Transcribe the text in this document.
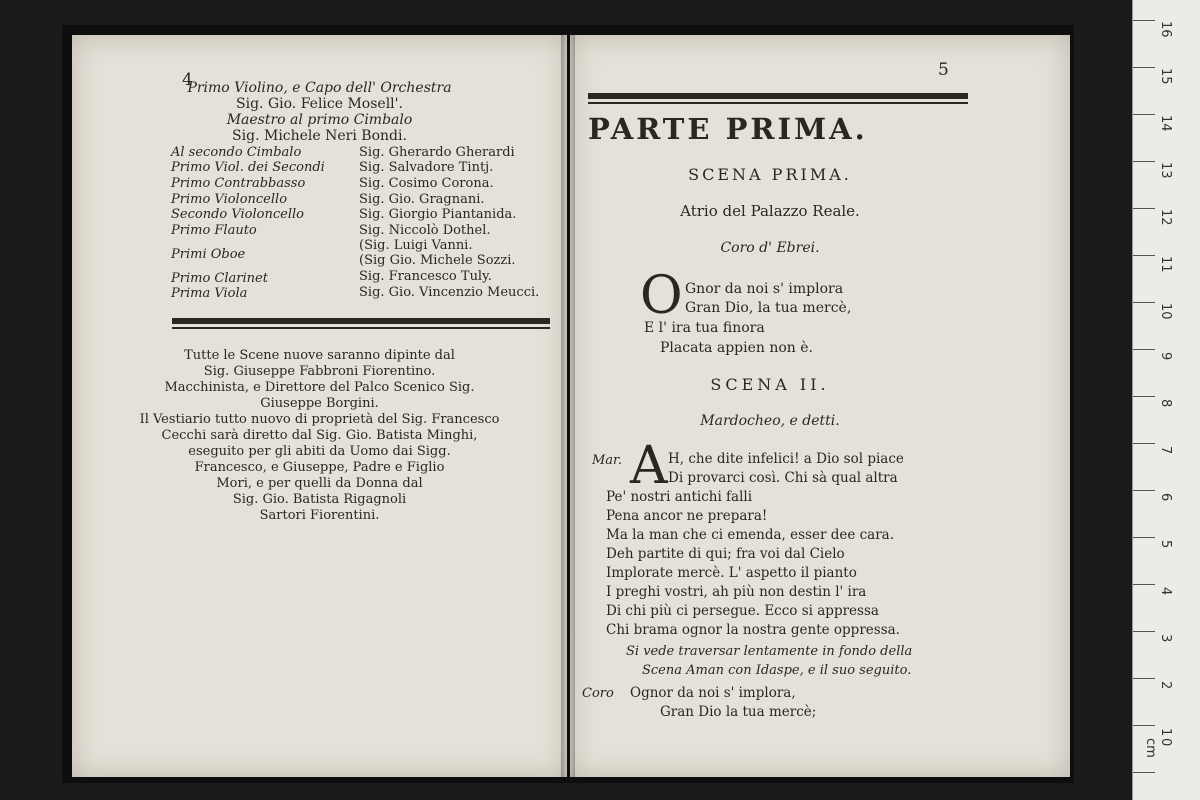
4
Primo Violino, e Capo dell' Orchestra
Sig. Gio. Felice Mosell'.
Maestro al primo Cimbalo
Sig. Michele Neri Bondi.
Al secondo Cimbalo	Sig. Gherardo Gherardi
Primo Viol. dei Secondi	Sig. Salvadore Tintj.
Primo Contrabbasso	Sig. Cosimo Corona.
Primo Violoncello	Sig. Gio. Gragnani.
Secondo Violoncello	Sig. Giorgio Piantanida.
Primo Flauto	Sig. Niccolò Dothel.
(Sig. Luigi Vanni.
Primi Oboe	(Sig Gio. Michele Sozzi.
Primo Clarinet	Sig. Francesco Tuly.
Prima Viola	Sig. Gio. Vincenzio Meucci.
Tutte le Scene nuove saranno dipinte dal
Sig. Giuseppe Fabbroni Fiorentino.
Macchinista, e Direttore del Palco Scenico Sig.
Giuseppe Borgini.
Il Vestiario tutto nuovo di proprietà del Sig. Francesco
Cecchi sarà diretto dal Sig. Gio. Batista Minghi,
eseguito per gli abiti da Uomo dai Sigg.
Francesco, e Giuseppe, Padre e Figlio
Mori, e per quelli da Donna dal
Sig. Gio. Batista Rigagnoli
Sartori Fiorentini.
5
PARTE PRIMA.
SCENA PRIMA.
Atrio del Palazzo Reale.
Coro d' Ebrei.
O Gnor da noi s' implora
Gran Dio, la tua mercè,
E l' ira tua finora
Placata appien non è.
SCENA II.
Mardocheo, e detti.
Mar. A H, che dite infelici! a Dio sol piace
Di provarci così. Chi sà qual altra
Pe' nostri antichi falli
Pena ancor ne prepara!
Ma la man che ci emenda, esser dee cara.
Deh partite di qui; fra voi dal Cielo
Implorate mercè. L' aspetto il pianto
I preghi vostri, ah più non destin l' ira
Di chi più ci persegue. Ecco si appressa
Chi brama ognor la nostra gente oppressa.
Si vede traversar lentamente in fondo della
Scena Aman con Idaspe, e il suo seguito.
Coro Ognor da noi s' implora,
Gran Dio la tua mercè;
0 cm
1
2
3
4
5
6
7
8
9
10
11
12
13
14
15
16
